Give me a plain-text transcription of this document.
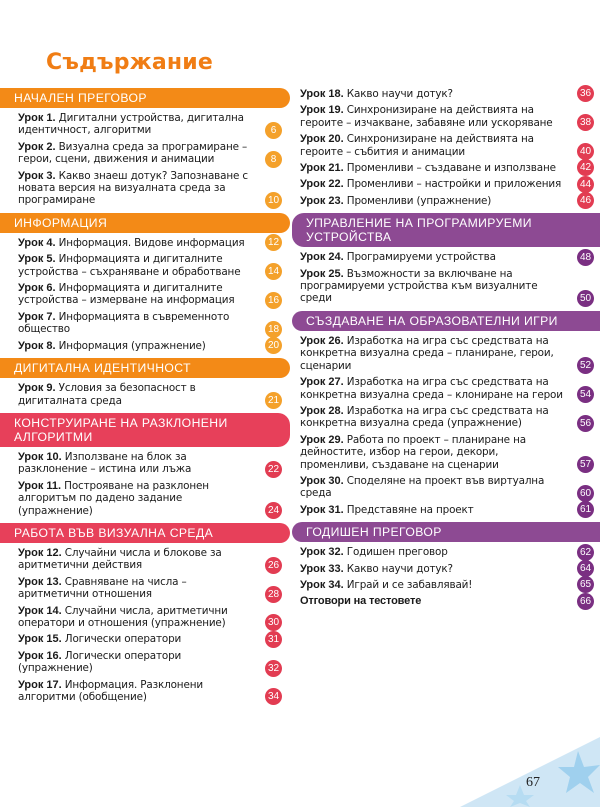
Съдържание
НАЧАЛЕН ПРЕГОВОР
Урок 1. Дигитални устройства, дигитална идентичност, алгоритми	6
Урок 2. Визуална среда за програмиране – герои, сцени, движения и анимации	8
Урок 3. Какво знаеш дотук? Запознаване с новата версия на визуалната среда за програмиране	10
ИНФОРМАЦИЯ
Урок 4. Информация. Видове информация 12
Урок 5. Информацията и дигиталните устройства – съхраняване и обработване	14
Урок 6. Информацията и дигиталните устройства – измерване на информация	16
Урок 7. Информацията в съвременното общество	18
Урок 8. Информация (упражнение)	20
ДИГИТАЛНА ИДЕНТИЧНОСТ
Урок 9. Условия за безопасност в дигиталната среда	21
КОНСТРУИРАНЕ НА РАЗКЛОНЕНИ АЛГОРИТМИ
Урок 10. Използване на блок за разклонение – истина или лъжа	22
Урок 11. Построяване на разклонен алгоритъм по дадено задание (упражнение)	24
РАБОТА ВЪВ ВИЗУАЛНА СРЕДА
Урок 12. Случайни числа и блокове за аритметични действия	26
Урок 13. Сравняване на числа – аритметични отношения	28
Урок 14. Случайни числа, аритметични оператори и отношения (упражнение)	30
Урок 15. Логически оператори	31
Урок 16. Логически оператори (упражнение)	32
Урок 17. Информация. Разклонени алгоритми (обобщение)	34
Урок 18. Какво научи дотук?	36
Урок 19. Синхронизиране на действията на героите – изчакване, забавяне или ускоряване	38
Урок 20. Синхронизиране на действията на героите – събития и анимации	40
Урок 21. Променливи – създаване и използване 42
Урок 22. Променливи – настройки и приложения 44
Урок 23. Променливи (упражнение)	46
УПРАВЛЕНИЕ НА ПРОГРАМИРУЕМИ УСТРОЙСТВА
Урок 24. Програмируеми устройства	48
Урок 25. Възможности за включване на програмируеми устройства към визуалните среди	50
СЪЗДАВАНЕ НА ОБРАЗОВАТЕЛНИ ИГРИ
Урок 26. Изработка на игра със средствата на конкретна визуална среда – планиране, герои, сценарии	52
Урок 27. Изработка на игра със средствата на конкретна визуална среда – клониране на герои 54
Урок 28. Изработка на игра със средствата на конкретна визуална среда (упражнение)	56
Урок 29. Работа по проект – планиране на дейностите, избор на герои, декори, променливи, създаване на сценарии	57
Урок 30. Споделяне на проект във виртуална среда	60
Урок 31. Представяне на проект	61
ГОДИШЕН ПРЕГОВОР
Урок 32. Годишен преговор	62
Урок 33. Какво научи дотук?	64
Урок 34. Играй и се забавлявай!	65
Отговори на тестовете	66
67
